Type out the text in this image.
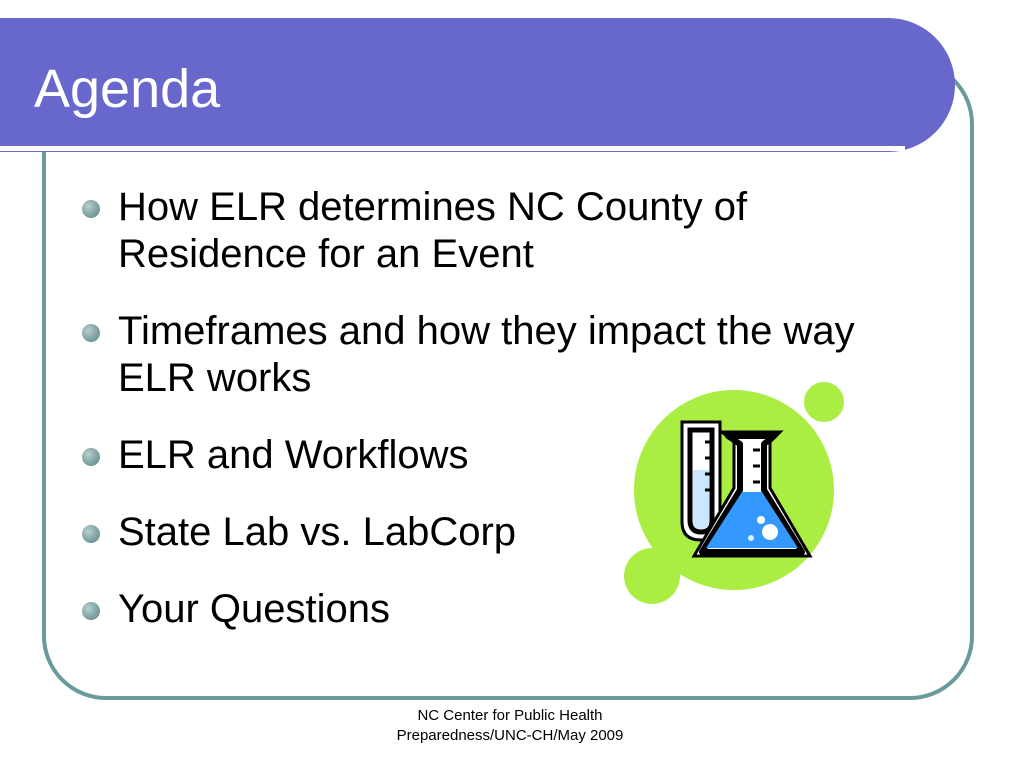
Agenda
How ELR determines NC County of Residence for an Event
Timeframes and how they impact the way ELR works
ELR and Workflows
State Lab vs. LabCorp
Your Questions
NC Center for Public Health
Preparedness/UNC-CH/May 2009
